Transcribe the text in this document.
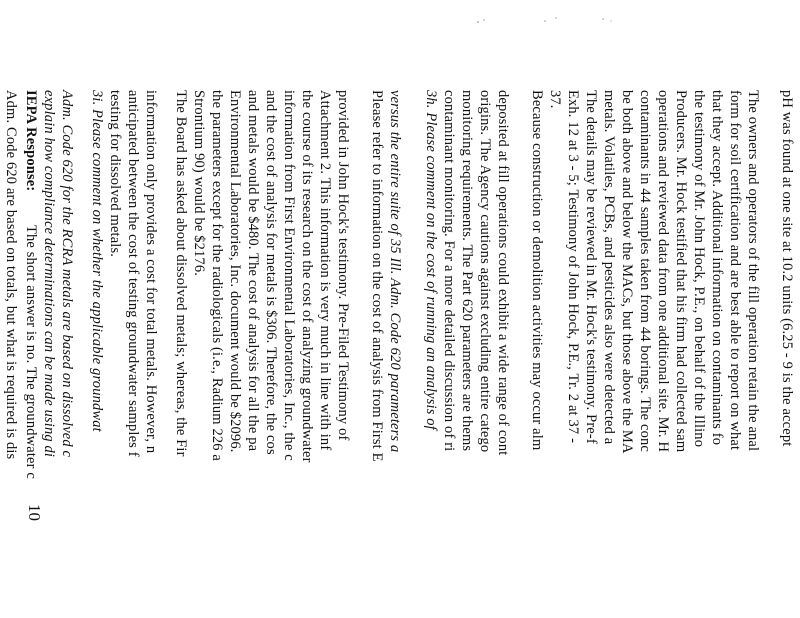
pH was found at one site at 10.2 units (6.25 - 9 is the accept
The owners and operators of the fill operation retain the anal
form for soil certification and are best able to report on what
that they accept. Additional information on contaminants fo
the testimony of Mr. John Hock, P.E., on behalf of the Illino
Producers. Mr. Hock testified that his firm had collected sam
operations and reviewed data from one additional site. Mr. H
contaminants in 44 samples taken from 44 borings. The conc
be both above and below the MACs, but those above the MA
metals. Volatiles, PCBs, and pesticides also were detected a
The details may be reviewed in Mr. Hock's testimony. Pre-f
Exh. 12 at 3 - 5; Testimony of John Hock, P.E., Tr. 2 at 37 -
37.
Because construction or demolition activities may occur alm
deposited at fill operations could exhibit a wide range of cont
origins. The Agency cautions against excluding entire catego
monitoring requirements. The Part 620 parameters are thems
contaminant monitoring. For a more detailed discussion of ri
3h. Please comment on the cost of running an analysis of
versus the entire suite of 35 Ill. Adm. Code 620 parameters a
Please refer to information on the cost of analysis from First E
provided in John Hock's testimony. Pre-Filed Testimony of
Attachment 2. This information is very much in line with inf
the course of its research on the cost of analyzing groundwater
information from First Environmental Laboratories, Inc., the c
and the cost of analysis for metals is $306. Therefore, the cos
and metals would be $480. The cost of analysis for all the pa
Environmental Laboratories, Inc. document would be $2096.
the parameters except for the radiologicals (i.e., Radium 226 a
Strontium 90) would be $2176.
The Board has asked about dissolved metals; whereas, the Fir
information only provides a cost for total metals. However, n
anticipated between the cost of testing groundwater samples f
testing for dissolved metals.
3i. Please comment on whether the applicable groundwat
Adm. Code 620 for the RCRA metals are based on dissolved c
explain how compliance determinations can be made using di
IEPA Response:
The short answer is no. The groundwater c
Adm. Code 620 are based on totals, but what is required is dis
10
